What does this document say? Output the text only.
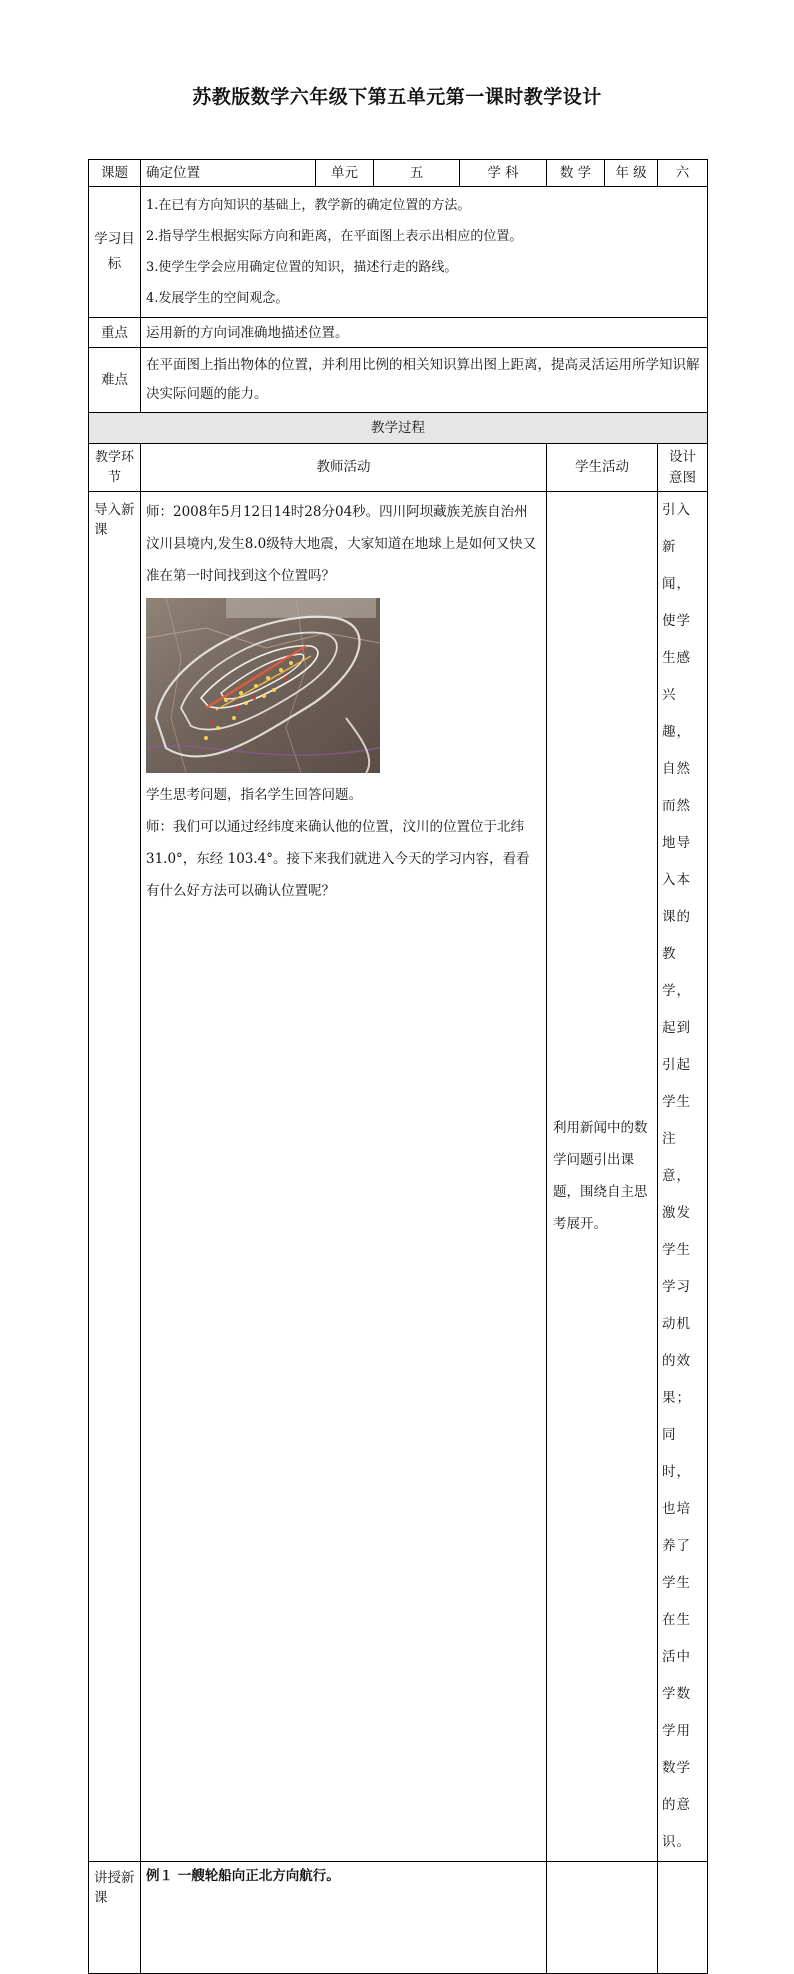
苏教版数学六年级下第五单元第一课时教学设计
课题	确定位置	单元	五	学 科	数 学	年 级	六
学习目标	1.在已有方向知识的基础上，教学新的确定位置的方法。
2.指导学生根据实际方向和距离，在平面图上表示出相应的位置。
3.使学生学会应用确定位置的知识，描述行走的路线。
4.发展学生的空间观念。						

重点	运用新的方向词准确地描述位置。						
难点	在平面图上指出物体的位置，并利用比例的相关知识算出图上距离，提高灵活运用所学知识解决实际问题的能力。						
教学过程							
教学环节	教师活动				学生活动		设计意图
导入新课	师：2008年5月12日14时28分04秒。四川阿坝藏族羌族自治州汶川县境内,发生8.0级特大地震，大家知道在地球上是如何又快又准在第一时间找到这个位置吗？
学生思考问题，指名学生回答问题。
师：我们可以通过经纬度来确认他的位置，汶川的位置位于北纬 31.0°，东经 103.4°。接下来我们就进入今天的学习内容，看看有什么好方法可以确认位置呢？				利用新闻中的数学问题引出课题，围绕自主思考展开。		引入新闻，使学生感兴趣，自然而然地导入本课的教学，起到引起学生注意，激发学生学习动机的效果；同时，也培养了学生在生活中学数学用数学的意识。
讲授新课	例１ 一艘轮船向正北方向航行。						
